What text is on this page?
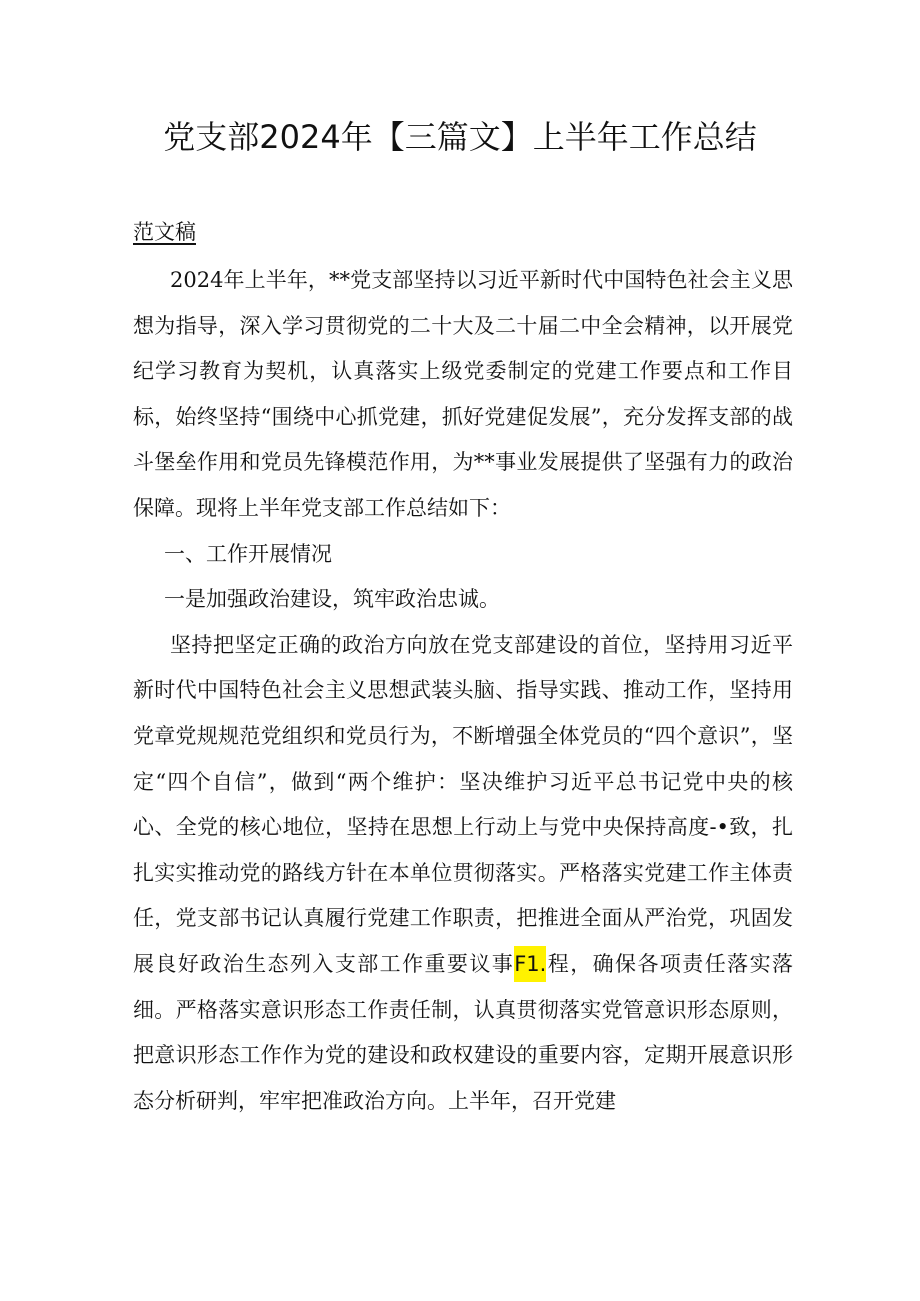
党支部2024年【三篇文】上半年工作总结
范文稿

2024年上半年，**党支部坚持以习近平新时代中国特色社会主义思想为指导，深入学习贯彻党的二十大及二十届二中全会精神，以开展党纪学习教育为契机，认真落实上级党委制定的党建工作要点和工作目标，始终坚持“围绕中心抓党建，抓好党建促发展”，充分发挥支部的战斗堡垒作用和党员先锋模范作用，为**事业发展提供了坚强有力的政治保障。现将上半年党支部工作总结如下：

一、工作开展情况

一是加强政治建设，筑牢政治忠诚。

坚持把坚定正确的政治方向放在党支部建设的首位，坚持用习近平新时代中国特色社会主义思想武装头脑、指导实践、推动工作，坚持用党章党规规范党组织和党员行为，不断增强全体党员的“四个意识”，坚定“四个自信”，做到“两个维护：坚决维护习近平总书记党中央的核心、全党的核心地位，坚持在思想上行动上与党中央保持高度-•致，扎扎实实推动党的路线方针在本单位贯彻落实。严格落实党建工作主体责任，党支部书记认真履行党建工作职责，把推进全面从严治党，巩固发展良好政治生态列入支部工作重要议事F1.程，确保各项责任落实落细。严格落实意识形态工作责任制，认真贯彻落实党管意识形态原则，把意识形态工作作为党的建设和政权建设的重要内容，定期开展意识形态分析研判，牢牢把准政治方向。上半年，召开党建
